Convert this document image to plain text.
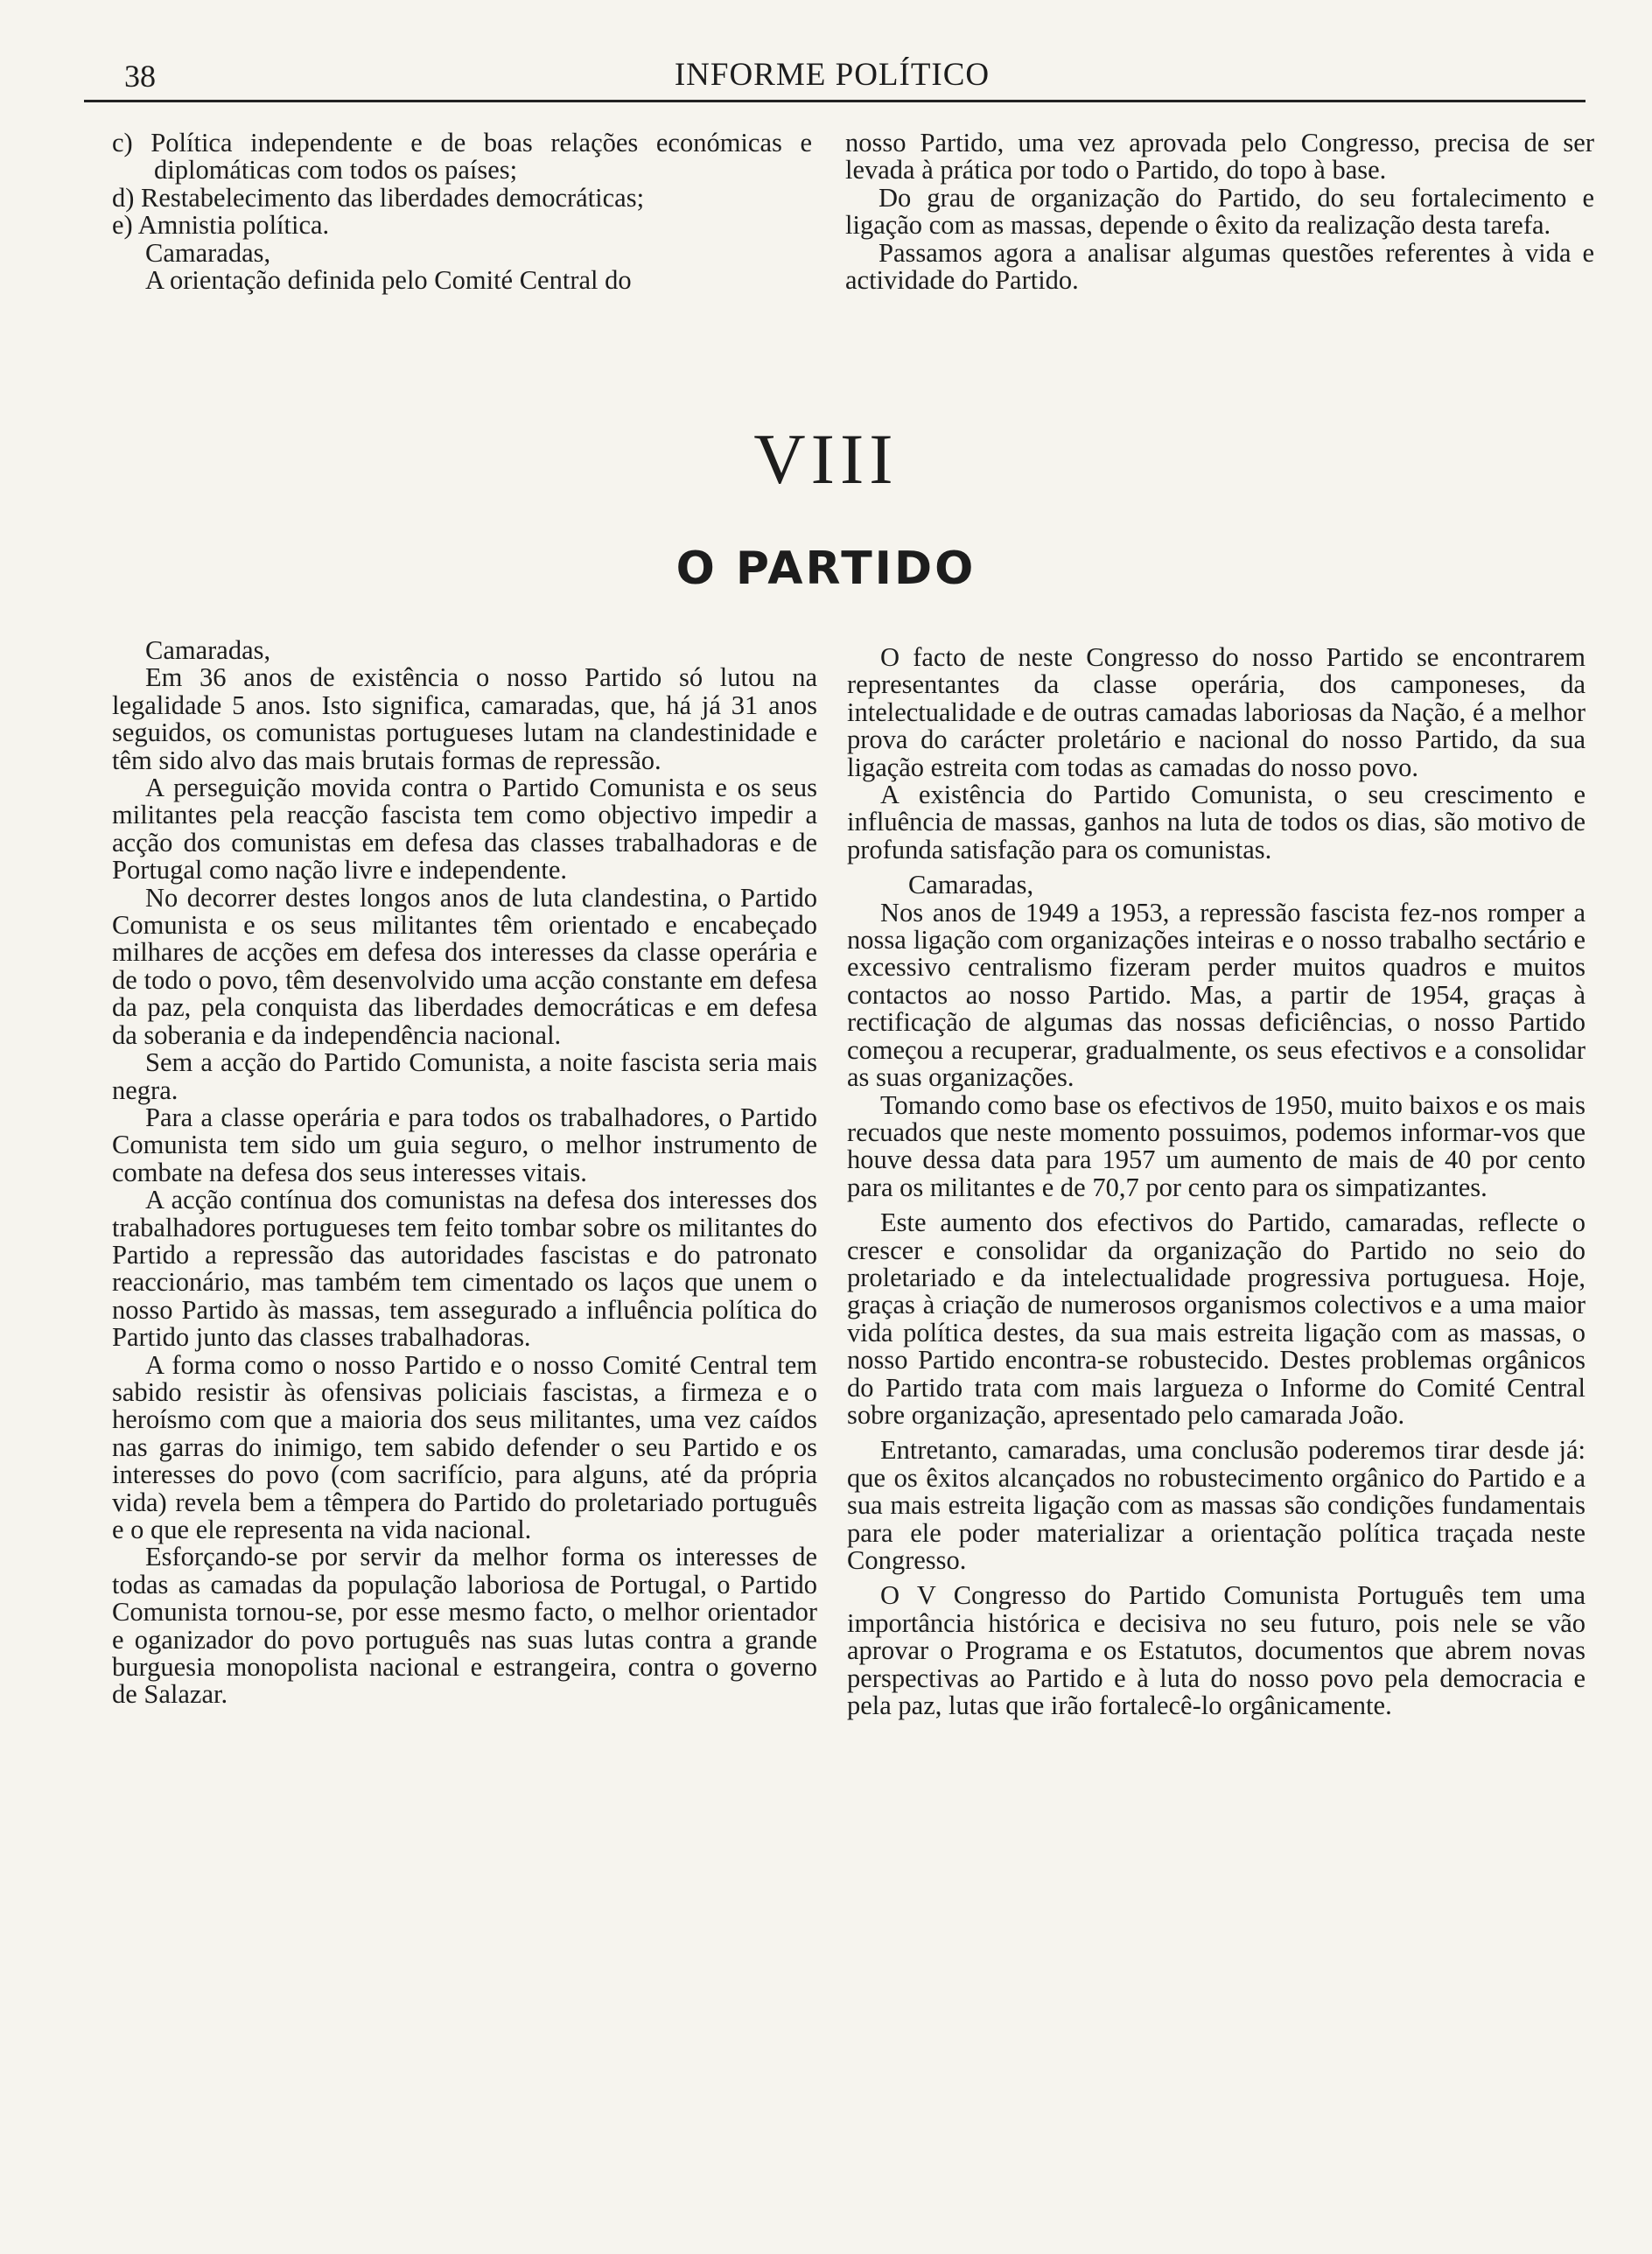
38	INFORME POLÍTICO

c) Política independente e de boas relações económicas e diplomáticas com todos os países;

d) Restabelecimento das liberdades democráticas;

e) Amnistia política.

Camaradas,

A orientação definida pelo Comité Central do

nosso Partido, uma vez aprovada pelo Congresso, precisa de ser levada à prática por todo o Partido, do topo à base.

Do grau de organização do Partido, do seu fortalecimento e ligação com as massas, depende o êxito da realização desta tarefa.

Passamos agora a analisar algumas questões referentes à vida e actividade do Partido.

VIII
O PARTIDO

Camaradas,

Em 36 anos de existência o nosso Partido só lutou na legalidade 5 anos. Isto significa, camaradas, que, há já 31 anos seguidos, os comunistas portugueses lutam na clandestinidade e têm sido alvo das mais brutais formas de repressão.

A perseguição movida contra o Partido Comunista e os seus militantes pela reacção fascista tem como objectivo impedir a acção dos comunistas em defesa das classes trabalhadoras e de Portugal como nação livre e independente.

No decorrer destes longos anos de luta clandestina, o Partido Comunista e os seus militantes têm orientado e encabeçado milhares de acções em defesa dos interesses da classe operária e de todo o povo, têm desenvolvido uma acção constante em defesa da paz, pela conquista das liberdades democráticas e em defesa da soberania e da independência nacional.

Sem a acção do Partido Comunista, a noite fascista seria mais negra.

Para a classe operária e para todos os trabalhadores, o Partido Comunista tem sido um guia seguro, o melhor instrumento de combate na defesa dos seus interesses vitais.

A acção contínua dos comunistas na defesa dos interesses dos trabalhadores portugueses tem feito tombar sobre os militantes do Partido a repressão das autoridades fascistas e do patronato reaccionário, mas também tem cimentado os laços que unem o nosso Partido às massas, tem assegurado a influência política do Partido junto das classes trabalhadoras.

A forma como o nosso Partido e o nosso Comité Central tem sabido resistir às ofensivas policiais fascistas, a firmeza e o heroísmo com que a maioria dos seus militantes, uma vez caídos nas garras do inimigo, tem sabido defender o seu Partido e os interesses do povo (com sacrifício, para alguns, até da própria vida) revela bem a têmpera do Partido do proletariado português e o que ele representa na vida nacional.

Esforçando-se por servir da melhor forma os interesses de todas as camadas da população laboriosa de Portugal, o Partido Comunista tornou-se, por esse mesmo facto, o melhor orientador e oganizador do povo português nas suas lutas contra a grande burguesia monopolista nacional e estrangeira, contra o governo de Salazar.

O facto de neste Congresso do nosso Partido se encontrarem representantes da classe operária, dos camponeses, da intelectualidade e de outras camadas laboriosas da Nação, é a melhor prova do carácter proletário e nacional do nosso Partido, da sua ligação estreita com todas as camadas do nosso povo.

A existência do Partido Comunista, o seu crescimento e influência de massas, ganhos na luta de todos os dias, são motivo de profunda satisfação para os comunistas.

Camaradas,

Nos anos de 1949 a 1953, a repressão fascista fez-nos romper a nossa ligação com organizações inteiras e o nosso trabalho sectário e excessivo centralismo fizeram perder muitos quadros e muitos contactos ao nosso Partido. Mas, a partir de 1954, graças à rectificação de algumas das nossas deficiências, o nosso Partido começou a recuperar, gradualmente, os seus efectivos e a consolidar as suas organizações.

Tomando como base os efectivos de 1950, muito baixos e os mais recuados que neste momento possuimos, podemos informar-vos que houve dessa data para 1957 um aumento de mais de 40 por cento para os militantes e de 70,7 por cento para os simpatizantes.

Este aumento dos efectivos do Partido, camaradas, reflecte o crescer e consolidar da organização do Partido no seio do proletariado e da intelectualidade progressiva portuguesa. Hoje, graças à criação de numerosos organismos colectivos e a uma maior vida política destes, da sua mais estreita ligação com as massas, o nosso Partido encontra-se robustecido. Destes problemas orgânicos do Partido trata com mais largueza o Informe do Comité Central sobre organização, apresentado pelo camarada João.

Entretanto, camaradas, uma conclusão poderemos tirar desde já: que os êxitos alcançados no robustecimento orgânico do Partido e a sua mais estreita ligação com as massas são condições fundamentais para ele poder materializar a orientação política traçada neste Congresso.

O V Congresso do Partido Comunista Português tem uma importância histórica e decisiva no seu futuro, pois nele se vão aprovar o Programa e os Estatutos, documentos que abrem novas perspectivas ao Partido e à luta do nosso povo pela democracia e pela paz, lutas que irão fortalecê-lo orgânicamente.
